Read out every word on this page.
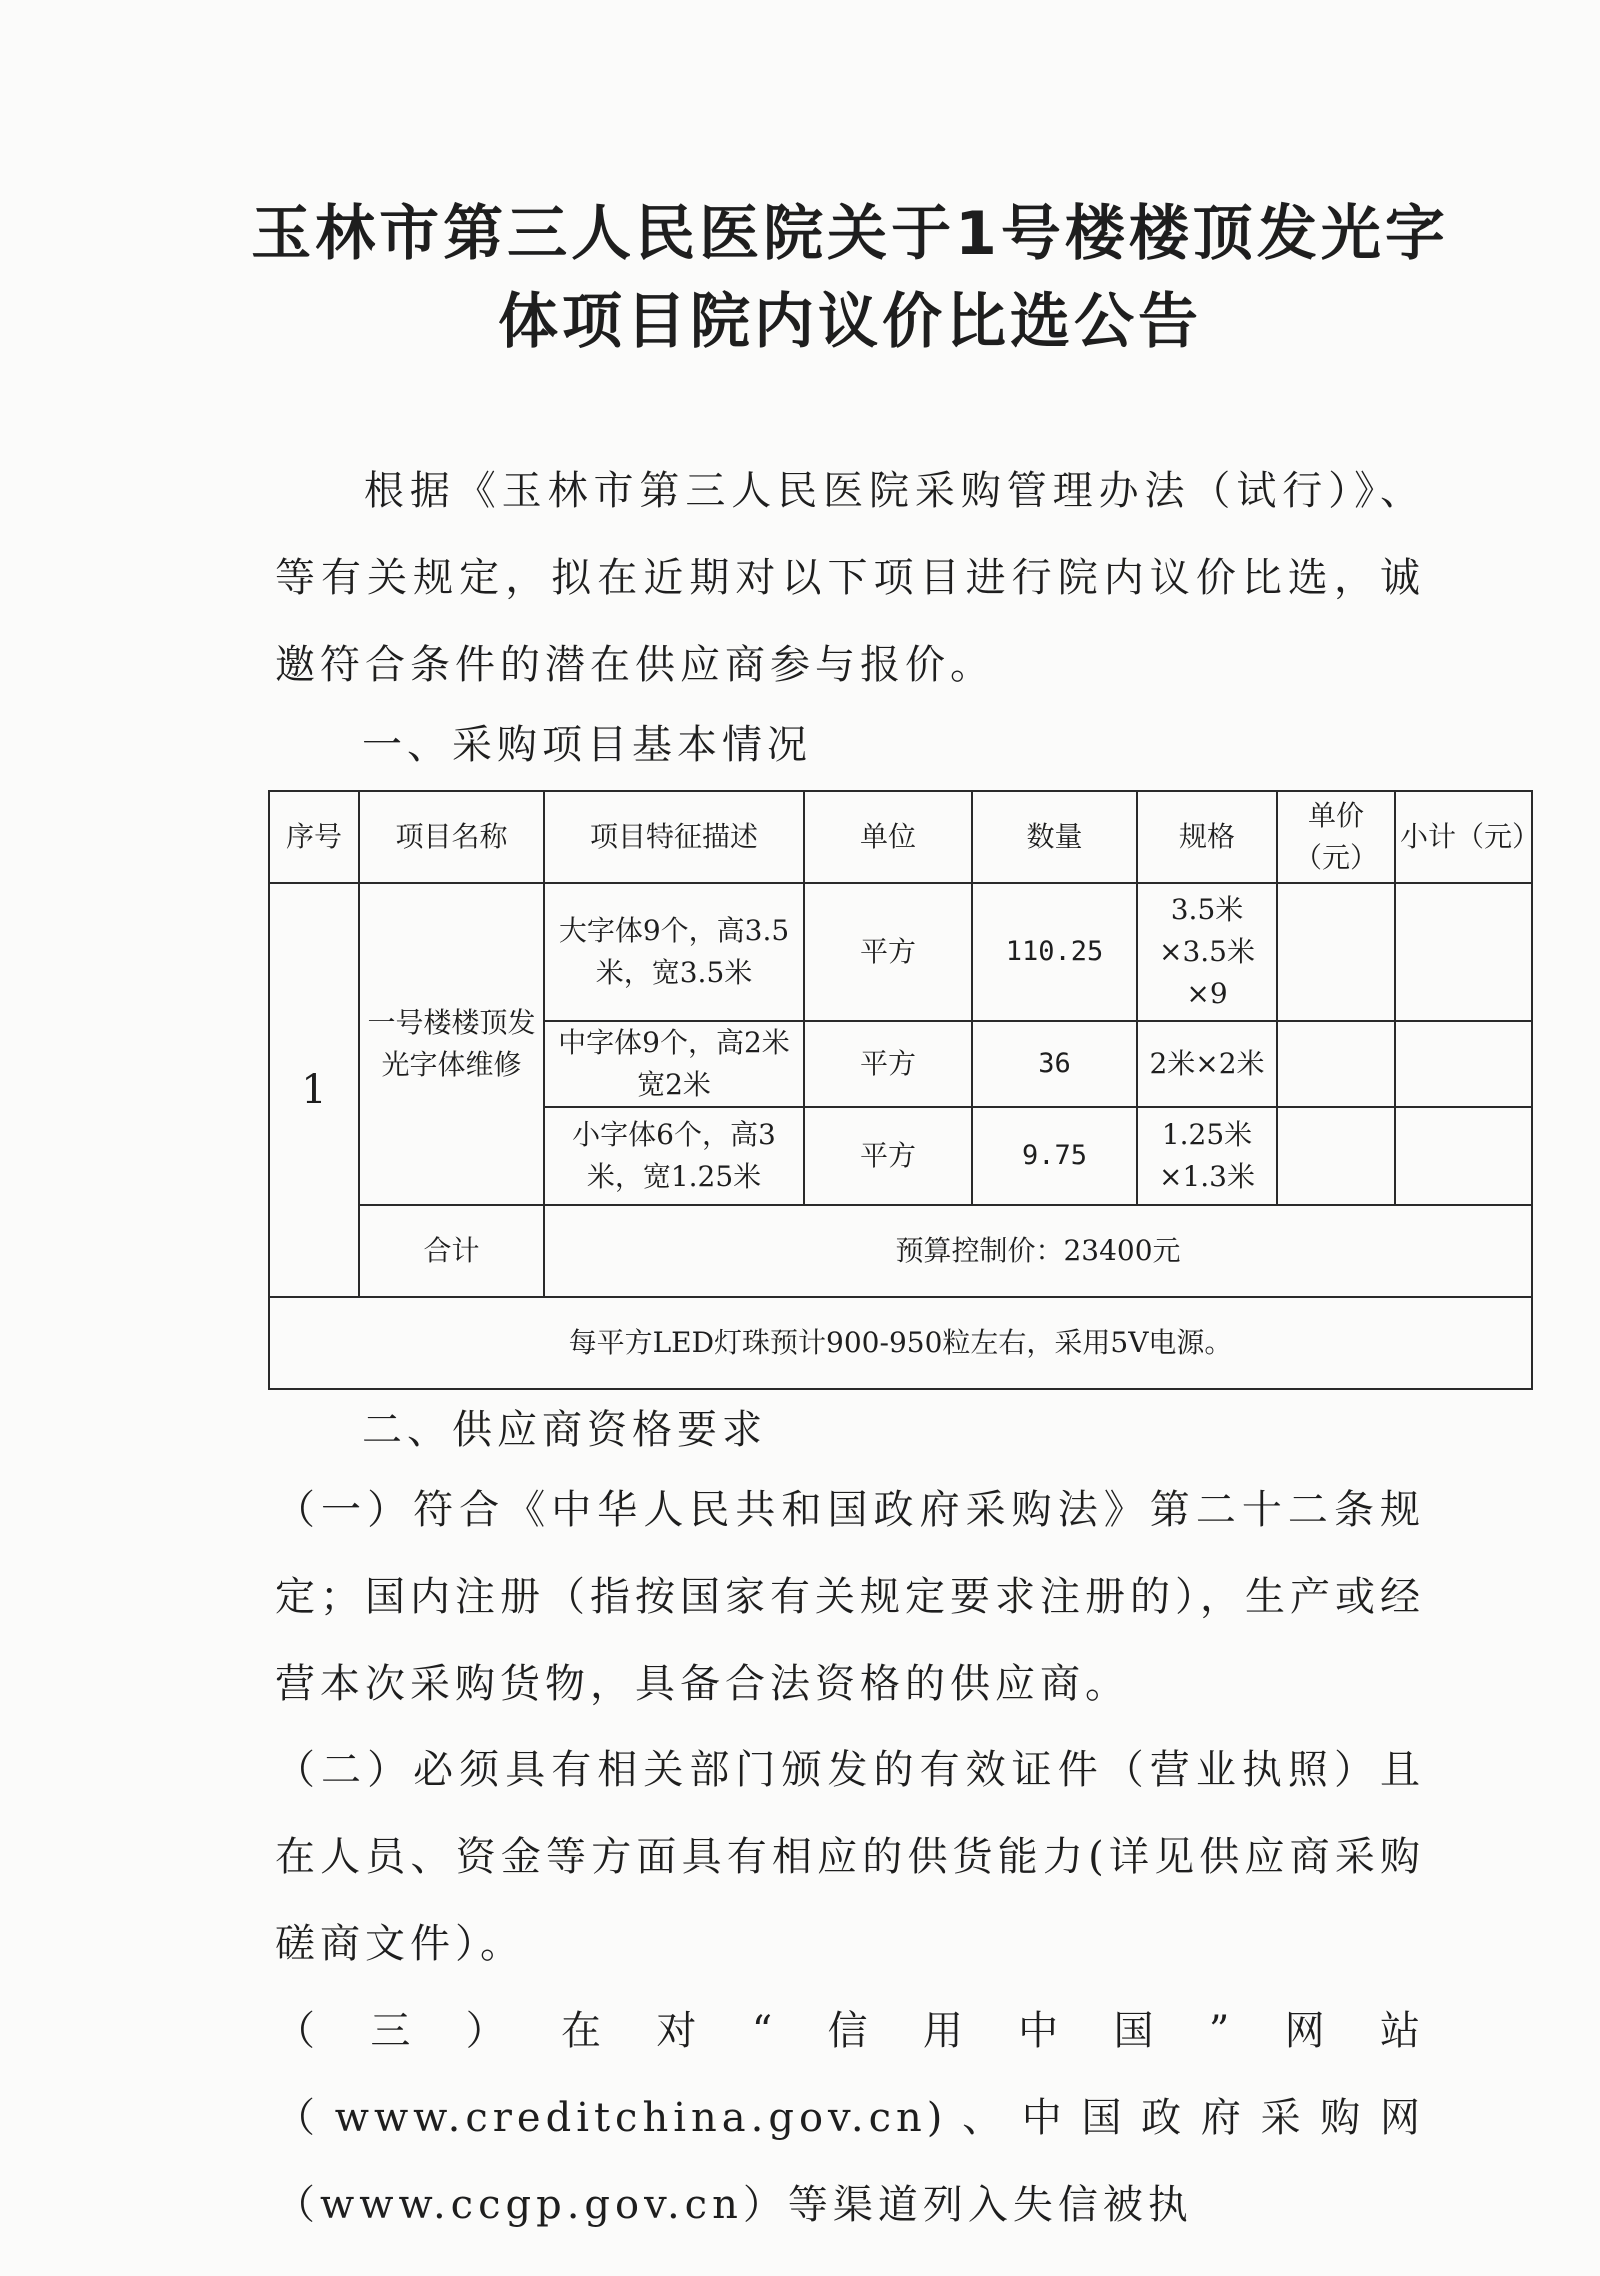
玉林市第三人民医院关于1号楼楼顶发光字
体项目院内议价比选公告

根据《玉林市第三人民医院采购管理办法（试行）》、等有关规定，拟在近期对以下项目进行院内议价比选，诚邀符合条件的潜在供应商参与报价。

一、采购项目基本情况
序号	项目名称	项目特征描述	单位	数量	规格	单价（元）	小计（元）
1	一号楼楼顶发光字体维修	大字体9个，高3.5米，宽3.5米	平方	110.25	3.5米×3.5米×9		
		中字体9个，高2米宽2米	平方	36	2米×2米		
		小字体6个，高3米，宽1.25米	平方	9.75	1.25米×1.3米		
	合计	预算控制价：23400元					
每平方LED灯珠预计900-950粒左右，采用5V电源。							
二、供应商资格要求

（一）符合《中华人民共和国政府采购法》第二十二条规定；国内注册（指按国家有关规定要求注册的），生产或经营本次采购货物，具备合法资格的供应商。

（二）必须具有相关部门颁发的有效证件（营业执照）且在人员、资金等方面具有相应的供货能力(详见供应商采购磋商文件）。

（三）在对“信用中国”网站（www.creditchina.gov.cn)、中国政府采购网（www.ccgp.gov.cn）等渠道列入失信被执
